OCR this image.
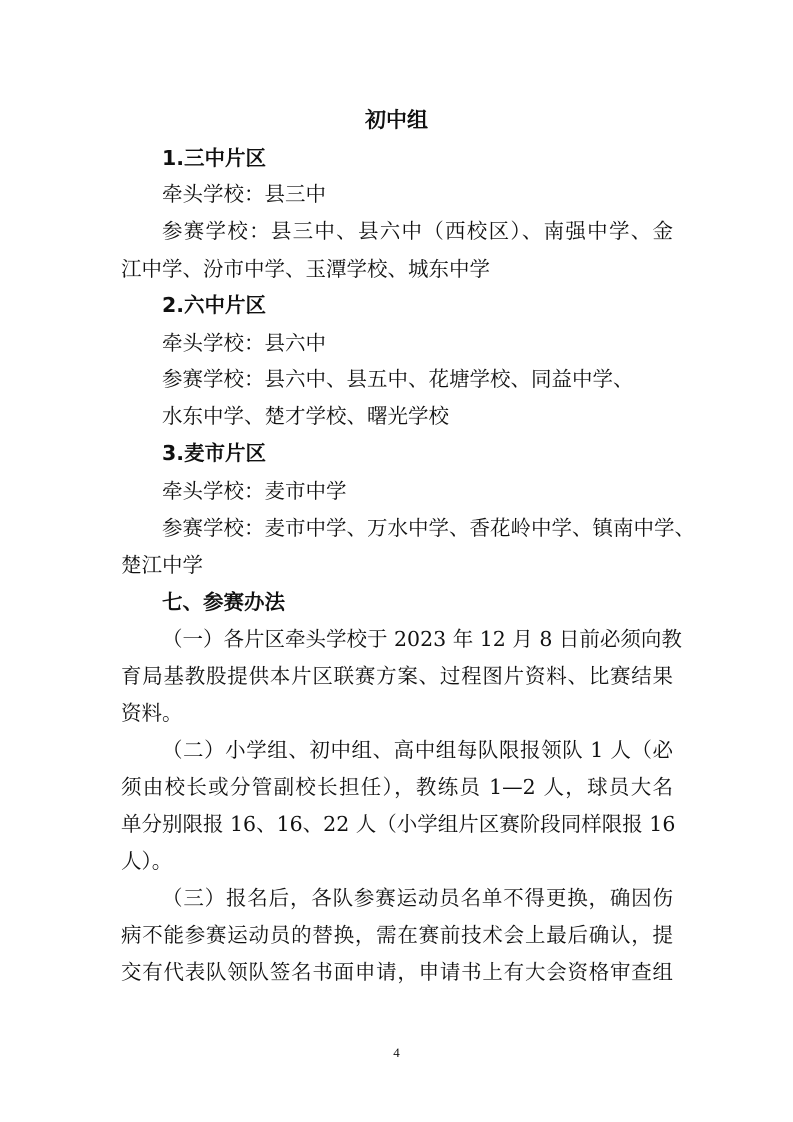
初中组
1.三中片区
牵头学校：县三中
参赛学校：县三中、县六中（西校区）、南强中学、金
江中学、汾市中学、玉潭学校、城东中学
2.六中片区
牵头学校：县六中
参赛学校：县六中、县五中、花塘学校、同益中学、
水东中学、楚才学校、曙光学校
3.麦市片区
牵头学校：麦市中学
参赛学校：麦市中学、万水中学、香花岭中学、镇南中学、
楚江中学
七、参赛办法
（一）各片区牵头学校于 2023 年 12 月 8 日前必须向教
育局基教股提供本片区联赛方案、过程图片资料、比赛结果
资料。
（二）小学组、初中组、高中组每队限报领队 1 人（必
须由校长或分管副校长担任），教练员 1—2 人，球员大名
单分别限报 16、16、22 人（小学组片区赛阶段同样限报 16
人）。
（三）报名后，各队参赛运动员名单不得更换，确因伤
病不能参赛运动员的替换，需在赛前技术会上最后确认，提
交有代表队领队签名书面申请，申请书上有大会资格审查组
4
